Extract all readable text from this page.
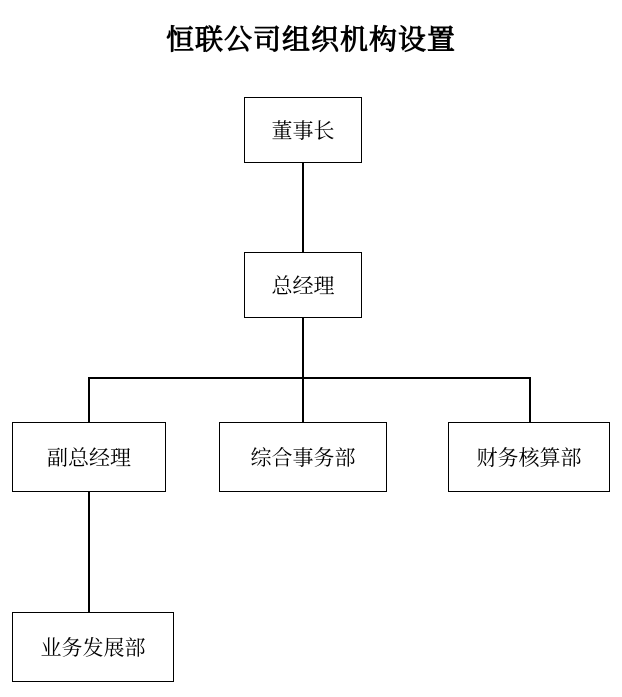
恒联公司组织机构设置
董事长
总经理
副总经理	综合事务部	财务核算部
业务发展部
